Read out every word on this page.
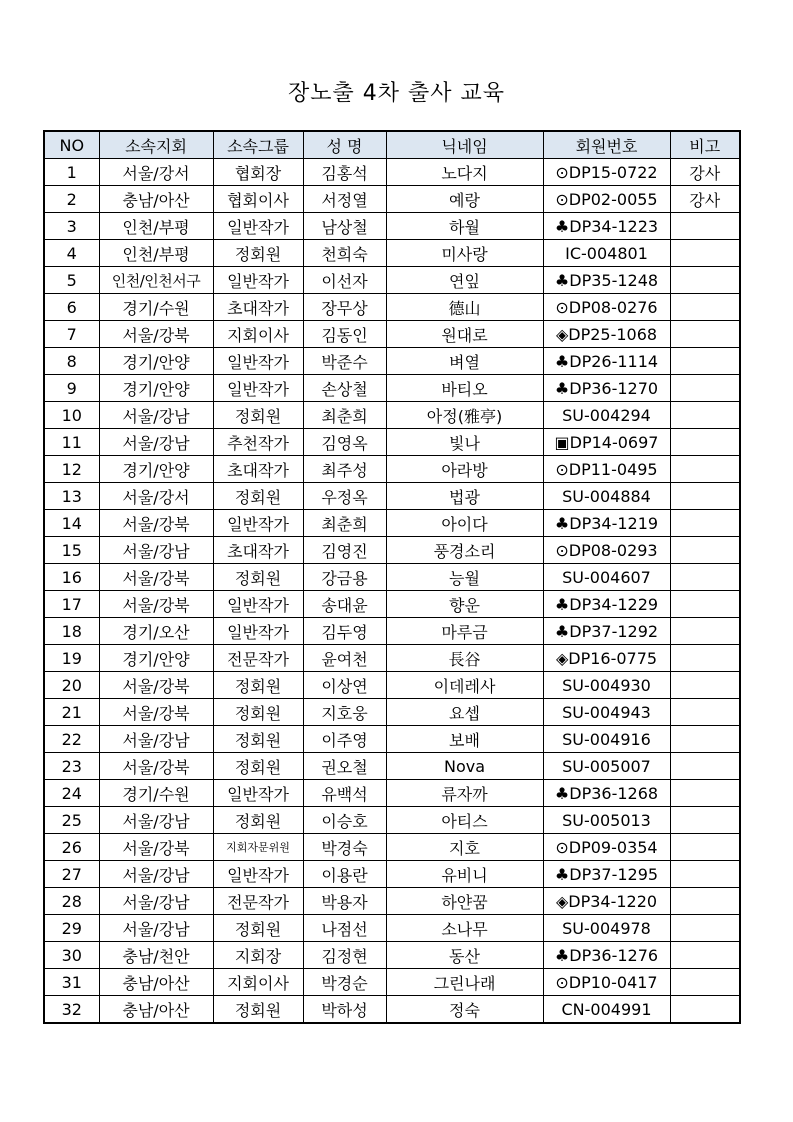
장노출 4차 출사 교육
NO	소속지회	소속그룹	성 명	닉네임	회원번호	비고
1	서울/강서	협회장	김홍석	노다지	⊙DP15-0722	강사
2	충남/아산	협회이사	서정열	예랑	⊙DP02-0055	강사
3	인천/부평	일반작가	남상철	하월	♣DP34-1223	
4	인천/부평	정회원	천희숙	미사랑	IC-004801	
5	인천/인천서구	일반작가	이선자	연잎	♣DP35-1248	
6	경기/수원	초대작가	장무상	德山	⊙DP08-0276	
7	서울/강북	지회이사	김동인	원대로	◈DP25-1068	
8	경기/안양	일반작가	박준수	벼열	♣DP26-1114	
9	경기/안양	일반작가	손상철	바티오	♣DP36-1270	
10	서울/강남	정회원	최춘희	아정(雅亭)	SU-004294	
11	서울/강남	추천작가	김영옥	빛나	▣DP14-0697	
12	경기/안양	초대작가	최주성	아라방	⊙DP11-0495	
13	서울/강서	정회원	우정옥	법광	SU-004884	
14	서울/강북	일반작가	최춘희	아이다	♣DP34-1219	
15	서울/강남	초대작가	김영진	풍경소리	⊙DP08-0293	
16	서울/강북	정회원	강금용	능월	SU-004607	
17	서울/강북	일반작가	송대윤	향운	♣DP34-1229	
18	경기/오산	일반작가	김두영	마루금	♣DP37-1292	
19	경기/안양	전문작가	윤여천	長谷	◈DP16-0775	
20	서울/강북	정회원	이상연	이데레사	SU-004930	
21	서울/강북	정회원	지호웅	요셉	SU-004943	
22	서울/강남	정회원	이주영	보배	SU-004916	
23	서울/강북	정회원	권오철	Nova	SU-005007	
24	경기/수원	일반작가	유백석	류자까	♣DP36-1268	
25	서울/강남	정회원	이승호	아티스	SU-005013	
26	서울/강북	지회자문위원	박경숙	지호	⊙DP09-0354	
27	서울/강남	일반작가	이용란	유비니	♣DP37-1295	
28	서울/강남	전문작가	박용자	하얀꿈	◈DP34-1220	
29	서울/강남	정회원	나점선	소나무	SU-004978	
30	충남/천안	지회장	김정현	동산	♣DP36-1276	
31	충남/아산	지회이사	박경순	그린나래	⊙DP10-0417	
32	충남/아산	정회원	박하성	정숙	CN-004991	
